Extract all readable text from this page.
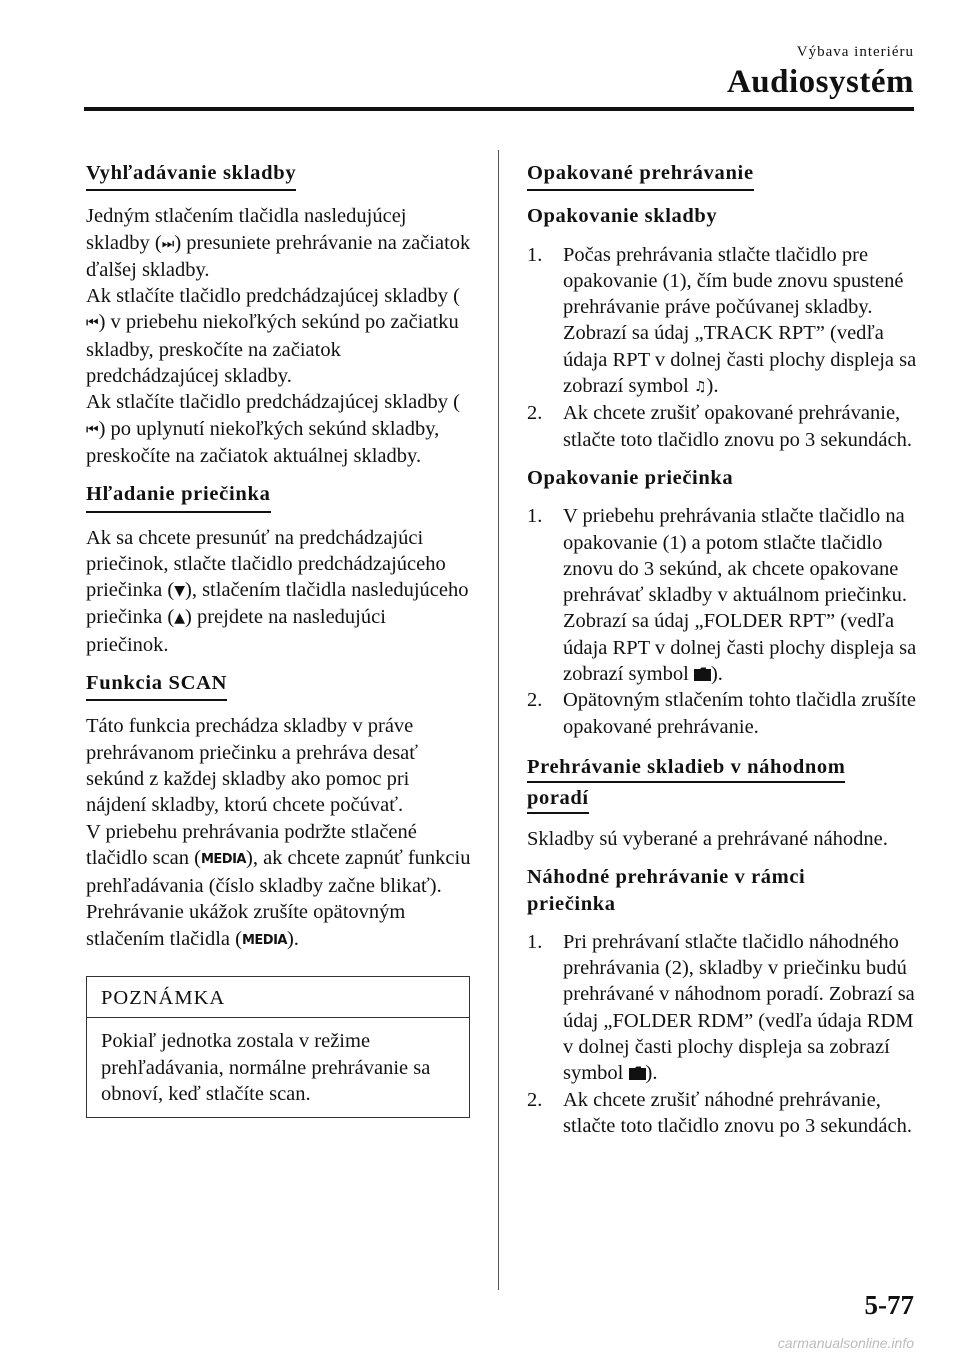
Výbava interiéru
Audiosystém
Vyhľadávanie skladby

Jedným stlačením tlačidla nasledujúcej skladby (⏭) presuniete prehrávanie na začiatok ďalšej skladby.
Ak stlačíte tlačidlo predchádzajúcej skladby (⏮) v priebehu niekoľkých sekúnd po začiatku skladby, preskočíte na začiatok predchádzajúcej skladby.
Ak stlačíte tlačidlo predchádzajúcej skladby (⏮) po uplynutí niekoľkých sekúnd skladby, preskočíte na začiatok aktuálnej skladby.

Hľadanie priečinka

Ak sa chcete presunúť na predchádzajúci priečinok, stlačte tlačidlo predchádzajúceho priečinka (▼), stlačením tlačidla nasledujúceho priečinka (▲) prejdete na nasledujúci priečinok.

Funkcia SCAN

Táto funkcia prechádza skladby v práve prehrávanom priečinku a prehráva desať sekúnd z každej skladby ako pomoc pri nájdení skladby, ktorú chcete počúvať.
V priebehu prehrávania podržte stlačené tlačidlo scan (MEDIA), ak chcete zapnúť funkciu prehľadávania (číslo skladby začne blikať). Prehrávanie ukážok zrušíte opätovným stlačením tlačidla (MEDIA).

POZNÁMKA
Pokiaľ jednotka zostala v režime prehľadávania, normálne prehrávanie sa obnoví, keď stlačíte scan.
Opakované prehrávanie
Opakovanie skladby
1. Počas prehrávania stlačte tlačidlo pre opakovanie (1), čím bude znovu spustené prehrávanie práve počúvanej skladby. Zobrazí sa údaj „TRACK RPT” (vedľa údaja RPT v dolnej časti plochy displeja sa zobrazí symbol ♫).
2. Ak chcete zrušiť opakované prehrávanie, stlačte toto tlačidlo znovu po 3 sekundách.
Opakovanie priečinka
1. V priebehu prehrávania stlačte tlačidlo na opakovanie (1) a potom stlačte tlačidlo znovu do 3 sekúnd, ak chcete opakovane prehrávať skladby v aktuálnom priečinku. Zobrazí sa údaj „FOLDER RPT” (vedľa údaja RPT v dolnej časti plochy displeja sa zobrazí symbol ).
2. Opätovným stlačením tohto tlačidla zrušíte opakované prehrávanie.
Prehrávanie skladieb v náhodnom poradí

Skladby sú vyberané a prehrávané náhodne.

Náhodné prehrávanie v rámci priečinka
1. Pri prehrávaní stlačte tlačidlo náhodného prehrávania (2), skladby v priečinku budú prehrávané v náhodnom poradí. Zobrazí sa údaj „FOLDER RDM” (vedľa údaja RDM v dolnej časti plochy displeja sa zobrazí symbol ).
2. Ak chcete zrušiť náhodné prehrávanie, stlačte toto tlačidlo znovu po 3 sekundách.
5-77
carmanualsonline.info
